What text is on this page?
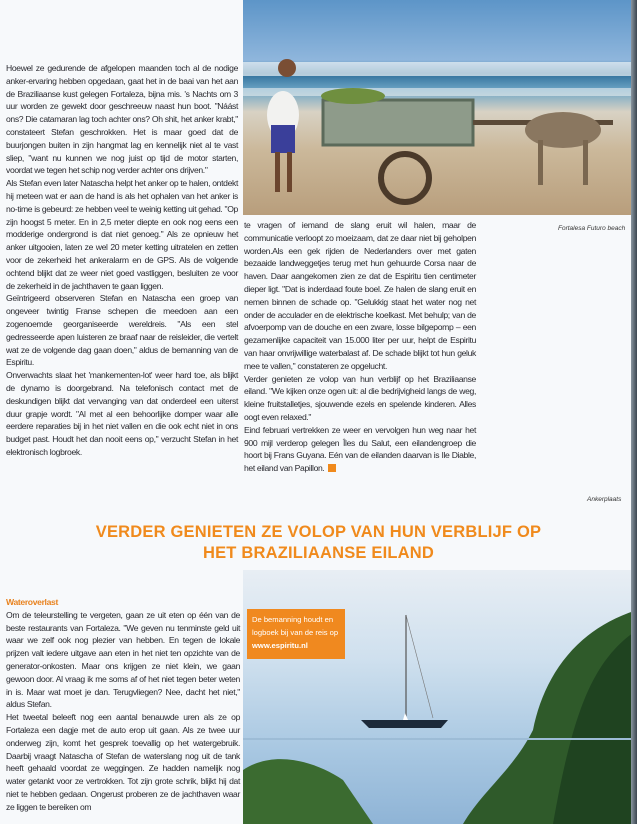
Hoewel ze gedurende de afgelopen maanden toch al de nodige anker-ervaring hebben opgedaan, gaat het in de baai van het aan de Braziliaanse kust gelegen Fortaleza, bijna mis. 's Nachts om 3 uur worden ze gewekt door geschreeuw naast hun boot. "Náást ons? Die catamaran lag toch achter ons? Oh shit, het anker krabt," constateert Stefan geschrokken. Het is maar goed dat de buurjongen buiten in zijn hangmat lag en kennelijk niet al te vast sliep, "want nu kunnen we nog juist op tijd de motor starten, voordat we tegen het schip nog verder achter ons drijven."

Als Stefan even later Natascha helpt het anker op te halen, ontdekt hij meteen wat er aan de hand is als het ophalen van het anker is no-time is gebeurd: ze hebben veel te weinig ketting uit gehad. "Op zijn hoogst 5 meter. En in 2,5 meter diepte en ook nog eens een modderige ondergrond is dat niet genoeg." Als ze opnieuw het anker uitgooien, laten ze wel 20 meter ketting uitratelen en zetten voor de zekerheid het ankeralarm en de GPS. Als de volgende ochtend blijkt dat ze weer niet goed vastliggen, besluiten ze voor de zekerheid in de jachthaven te gaan liggen.

Geïntrigeerd observeren Stefan en Natascha een groep van ongeveer twintig Franse schepen die meedoen aan een zogenoemde georganiseerde wereldreis. "Als een stel gedresseerde apen luisteren ze braaf naar de reisleider, die vertelt wat ze de volgende dag gaan doen," aldus de bemanning van de Espiritu.

Onverwachts slaat het 'mankementen-lot' weer hard toe, als blijkt de dynamo is doorgebrand. Na telefonisch contact met de deskundigen blijkt dat vervanging van dat onderdeel een uiterst duur grapje wordt. "Al met al een behoorlijke domper waar alle eerdere reparaties bij in het niet vallen en die ook echt niet in ons budget past. Houdt het dan nooit eens op," verzucht Stefan in het elektronisch logbroek.

Fortalesa Futuro beach

te vragen of iemand de slang eruit wil halen, maar de communicatie verloopt zo moeizaam, dat ze daar niet bij geholpen worden.Als een gek rijden de Nederlanders over met gaten bezaaide landweggetjes terug met hun gehuurde Corsa naar de haven. Daar aangekomen zien ze dat de Espiritu tien centimeter dieper ligt. "Dat is inderdaad foute boel. Ze halen de slang eruit en nemen binnen de schade op. "Gelukkig staat het water nog net onder de acculader en de elektrische koelkast. Met behulp; van de afvoerpomp van de douche en een zware, losse bilgepomp – een gezamenlijke capaciteit van 15.000 liter per uur, helpt de Espiritu van haar onvrijwillige waterbalast af. De schade blijkt tot hun geluk mee te vallen," constateren ze opgelucht.

Verder genieten ze volop van hun verblijf op het Braziliaanse eiland. "We kijken onze ogen uit: al die bedrijvigheid langs de weg, kleine fruitstalletjes, sjouwende ezels en spelende kinderen. Alles oogt even relaxed."

Eind februari vertrekken ze weer en vervolgen hun weg naar het 900 mijl verderop gelegen Îles du Salut, een eilandengroep die hoort bij Frans Guyana. Eén van de eilanden daarvan is Ile Diable, het eiland van Papillon.

Ankerplaats
VERDER GENIETEN ZE VOLOP VAN HUN VERBLIJF OP
HET BRAZILIAANSE EILAND

Wateroverlast

Om de teleurstelling te vergeten, gaan ze uit eten op één van de beste restaurants van Fortaleza. "We geven nu tenminste geld uit waar we zelf ook nog plezier van hebben. En tegen de lokale prijzen valt iedere uitgave aan eten in het niet ten opzichte van de generator-onkosten. Maar ons krijgen ze niet klein, we gaan gewoon door. Al vraag ik me soms af of het niet tegen beter weten in is. Maar wat moet je dan. Terugvliegen? Nee, dacht het niet," aldus Stefan.

Het tweetal beleeft nog een aantal benauwde uren als ze op Fortaleza een dagje met de auto erop uit gaan. Als ze twee uur onderweg zijn, komt het gesprek toevallig op het watergebruik. Daarbij vraagt Natascha of Stefan de waterslang nog uit de tank heeft gehaald voordat ze weggingen. Ze hadden namelijk nog water getankt voor ze vertrokken. Tot zijn grote schrik, blijkt hij dat niet te hebben gedaan. Ongerust proberen ze de jachthaven waar ze liggen te bereiken om

De bemanning houdt en logboek bij van de reis op www.espiritu.nl
